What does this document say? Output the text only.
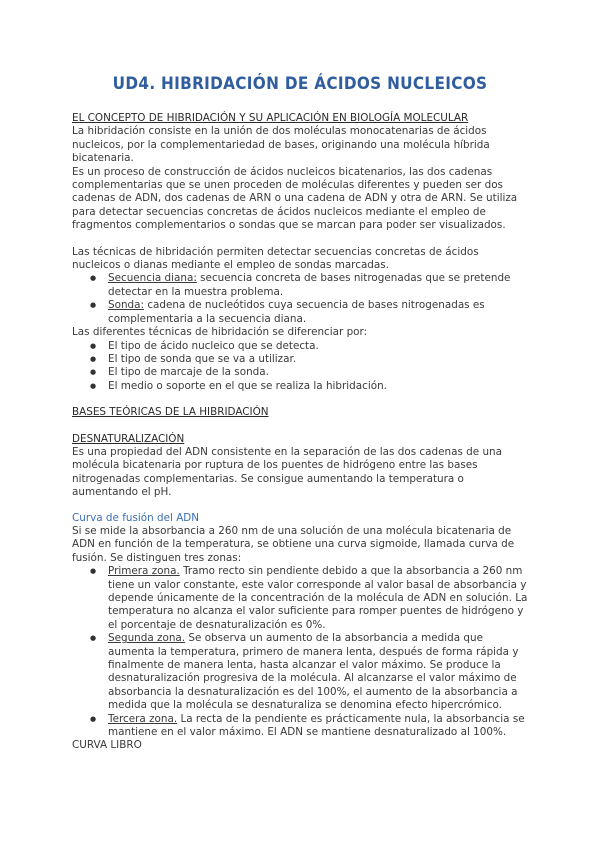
UD4. HIBRIDACIÓN DE ÁCIDOS NUCLEICOS

EL CONCEPTO DE HIBRIDACIÓN Y SU APLICACIÓN EN BIOLOGÍA MOLECULAR

La hibridación consiste en la unión de dos moléculas monocatenarias de ácidos nucleicos, por la complementariedad de bases, originando una molécula híbrida bicatenaria.

Es un proceso de construcción de ácidos nucleicos bicatenarios, las dos cadenas complementarias que se unen proceden de moléculas diferentes y pueden ser dos cadenas de ADN, dos cadenas de ARN o una cadena de ADN y otra de ARN. Se utiliza para detectar secuencias concretas de ácidos nucleicos mediante el empleo de fragmentos complementarios o sondas que se marcan para poder ser visualizados.

Las técnicas de hibridación permiten detectar secuencias concretas de ácidos nucleicos o dianas mediante el empleo de sondas marcadas.

● Secuencia diana: secuencia concreta de bases nitrogenadas que se pretende detectar en la muestra problema.
● Sonda: cadena de nucleótidos cuya secuencia de bases nitrogenadas es complementaria a la secuencia diana.

Las diferentes técnicas de hibridación se diferenciar por:

● El tipo de ácido nucleico que se detecta.
● El tipo de sonda que se va a utilizar.
● El tipo de marcaje de la sonda.
● El medio o soporte en el que se realiza la hibridación.

BASES TEÓRICAS DE LA HIBRIDACIÓN

DESNATURALIZACIÓN

Es una propiedad del ADN consistente en la separación de las dos cadenas de una molécula bicatenaria por ruptura de los puentes de hidrógeno entre las bases nitrogenadas complementarias. Se consigue aumentando la temperatura o aumentando el pH.

Curva de fusión del ADN

Si se mide la absorbancia a 260 nm de una solución de una molécula bicatenaria de ADN en función de la temperatura, se obtiene una curva sigmoide, llamada curva de fusión. Se distinguen tres zonas:

● Primera zona. Tramo recto sin pendiente debido a que la absorbancia a 260 nm tiene un valor constante, este valor corresponde al valor basal de absorbancia y depende únicamente de la concentración de la molécula de ADN en solución. La temperatura no alcanza el valor suficiente para romper puentes de hidrógeno y el porcentaje de desnaturalización es 0%.
● Segunda zona. Se observa un aumento de la absorbancia a medida que aumenta la temperatura, primero de manera lenta, después de forma rápida y finalmente de manera lenta, hasta alcanzar el valor máximo. Se produce la desnaturalización progresiva de la molécula. Al alcanzarse el valor máximo de absorbancia la desnaturalización es del 100%, el aumento de la absorbancia a medida que la molécula se desnaturaliza se denomina efecto hipercrómico.
● Tercera zona. La recta de la pendiente es prácticamente nula, la absorbancia se mantiene en el valor máximo. El ADN se mantiene desnaturalizado al 100%.

CURVA LIBRO
